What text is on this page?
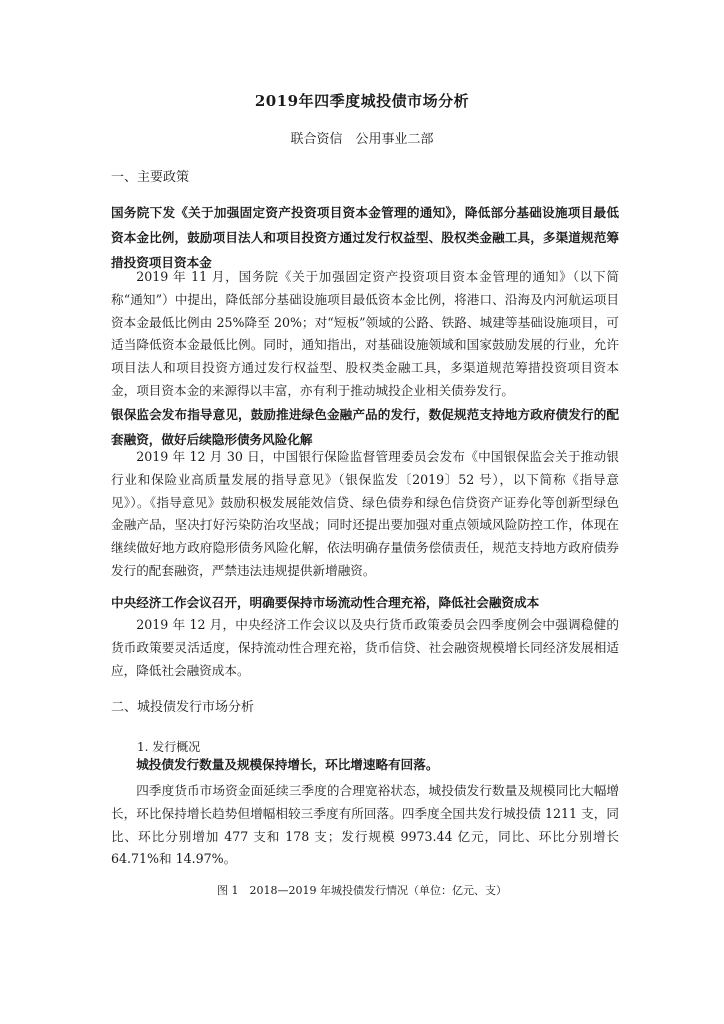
2019年四季度城投债市场分析
联合资信　公用事业二部
一、主要政策
国务院下发《关于加强固定资产投资项目资本金管理的通知》，降低部分基础设施项目最低资本金比例，鼓励项目法人和项目投资方通过发行权益型、股权类金融工具，多渠道规范筹措投资项目资本金
2019 年 11 月，国务院《关于加强固定资产投资项目资本金管理的通知》（以下简称“通知”）中提出，降低部分基础设施项目最低资本金比例，将港口、沿海及内河航运项目资本金最低比例由 25%降至 20%；对“短板”领域的公路、铁路、城建等基础设施项目，可适当降低资本金最低比例。同时，通知指出，对基础设施领域和国家鼓励发展的行业，允许项目法人和项目投资方通过发行权益型、股权类金融工具，多渠道规范筹措投资项目资本金，项目资本金的来源得以丰富，亦有利于推动城投企业相关债券发行。
银保监会发布指导意见，鼓励推进绿色金融产品的发行，数促规范支持地方政府债发行的配套融资，做好后续隐形债务风险化解
2019 年 12 月 30 日，中国银行保险监督管理委员会发布《中国银保监会关于推动银行业和保险业高质量发展的指导意见》（银保监发〔2019〕52 号），以下简称《指导意见》）。《指导意见》鼓励积极发展能效信贷、绿色债券和绿色信贷资产证券化等创新型绿色金融产品，坚决打好污染防治攻坚战；同时还提出要加强对重点领域风险防控工作，体现在继续做好地方政府隐形债务风险化解，依法明确存量债务偿债责任，规范支持地方政府债券发行的配套融资，严禁违法违规提供新增融资。
中央经济工作会议召开，明确要保持市场流动性合理充裕，降低社会融资成本
2019 年 12 月，中央经济工作会议以及央行货币政策委员会四季度例会中强调稳健的货币政策要灵活适度，保持流动性合理充裕，货币信贷、社会融资规模增长同经济发展相适应，降低社会融资成本。
二、城投债发行市场分析
1. 发行概况
城投债发行数量及规模保持增长，环比增速略有回落。
四季度货币市场资金面延续三季度的合理宽裕状态，城投债发行数量及规模同比大幅增长，环比保持增长趋势但增幅相较三季度有所回落。四季度全国共发行城投债 1211 支，同比、环比分别增加 477 支和 178 支；发行规模 9973.44 亿元，同比、环比分别增长 64.71%和 14.97%。
图 1　2018—2019 年城投债发行情况（单位：亿元、支）
